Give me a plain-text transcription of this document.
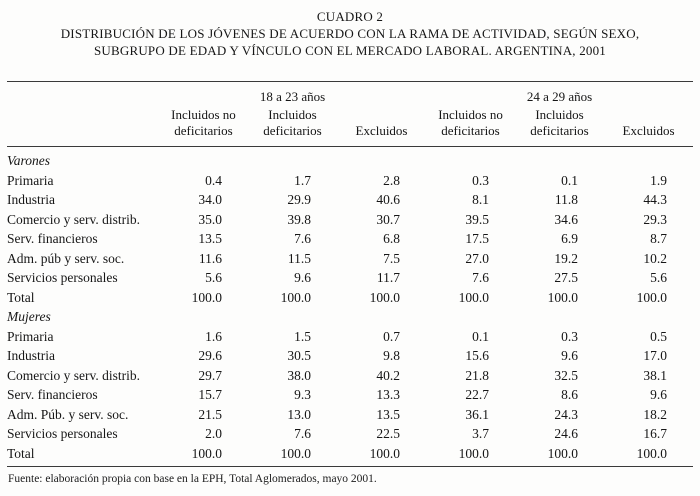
CUADRO 2
DISTRIBUCIÓN DE LOS JÓVENES DE ACUERDO CON LA RAMA DE ACTIVIDAD, SEGÚN SEXO,
SUBGRUPO DE EDAD Y VÍNCULO CON EL MERCADO LABORAL. ARGENTINA, 2001
	18 a 23 años			24 a 29 años		
	Incluidos no deficitarios	Incluidos deficitarios	Excluidos	Incluidos no deficitarios	Incluidos deficitarios	Excluidos
Varones						
Primaria	0.4	1.7	2.8	0.3	0.1	1.9
Industria	34.0	29.9	40.6	8.1	11.8	44.3
Comercio y serv. distrib.	35.0	39.8	30.7	39.5	34.6	29.3
Serv. financieros	13.5	7.6	6.8	17.5	6.9	8.7
Adm. púb y serv. soc.	11.6	11.5	7.5	27.0	19.2	10.2
Servicios personales	5.6	9.6	11.7	7.6	27.5	5.6
Total	100.0	100.0	100.0	100.0	100.0	100.0
Mujeres						
Primaria	1.6	1.5	0.7	0.1	0.3	0.5
Industria	29.6	30.5	9.8	15.6	9.6	17.0
Comercio y serv. distrib.	29.7	38.0	40.2	21.8	32.5	38.1
Serv. financieros	15.7	9.3	13.3	22.7	8.6	9.6
Adm. Púb. y serv. soc.	21.5	13.0	13.5	36.1	24.3	18.2
Servicios personales	2.0	7.6	22.5	3.7	24.6	16.7
Total	100.0	100.0	100.0	100.0	100.0	100.0
Fuente: elaboración propia con base en la EPH, Total Aglomerados, mayo 2001.
